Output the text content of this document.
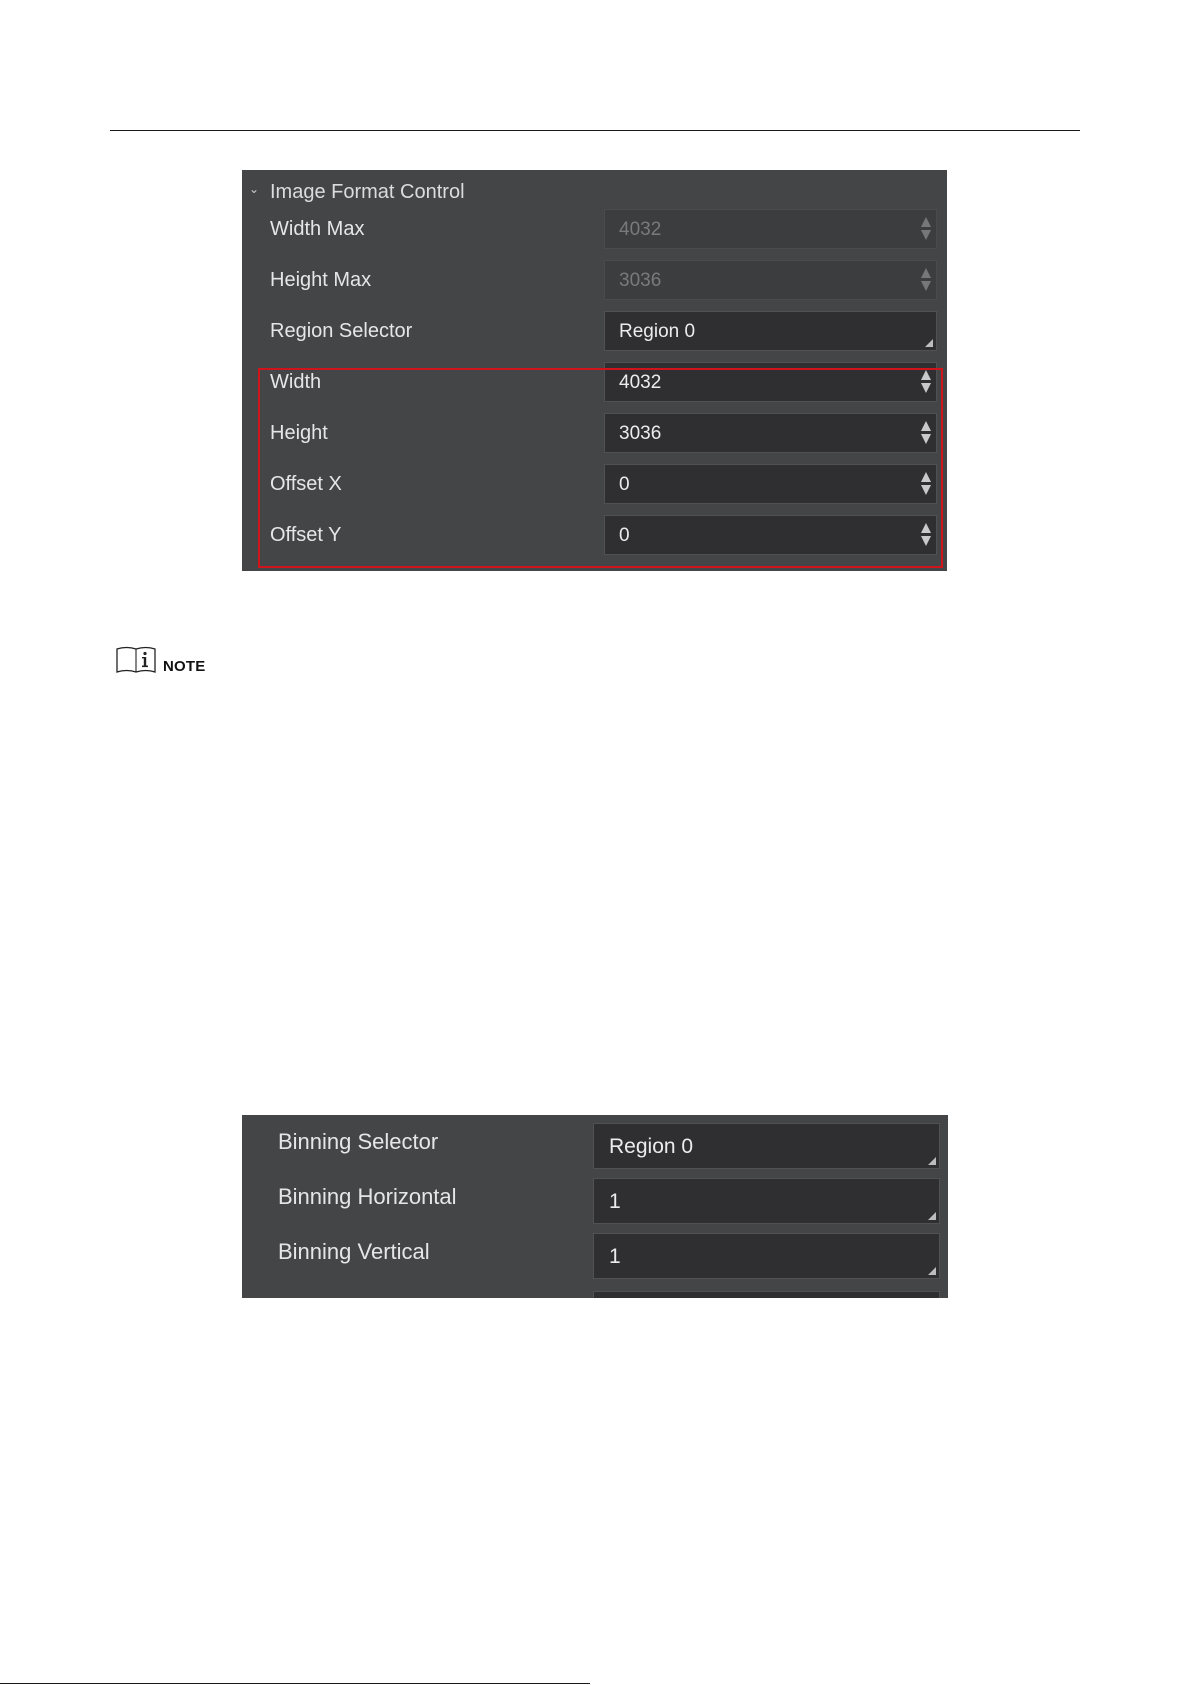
⌄ Image Format Control
Width Max	4032
Height Max	3036
Region Selector	Region 0
Width	4032
Height	3036
Offset X	0
Offset Y	0
NOTE
Binning Selector	Region 0
Binning Horizontal	1
Binning Vertical	1
